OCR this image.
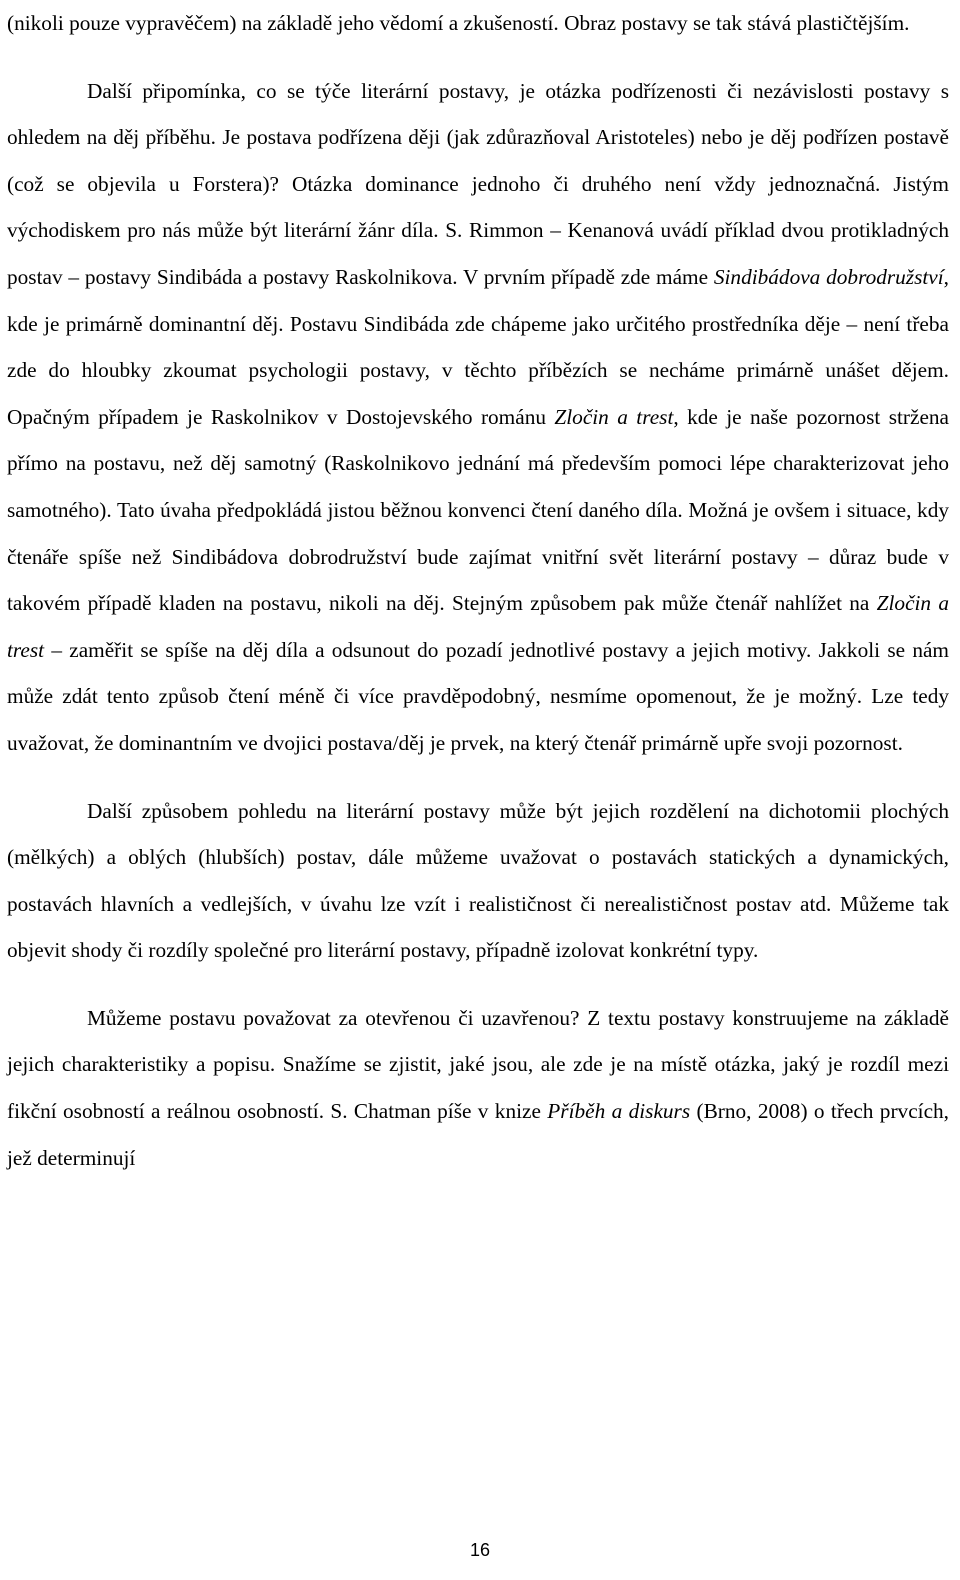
(nikoli pouze vypravěčem) na základě jeho vědomí a zkušeností. Obraz postavy se tak stává plastičtějším.

Další připomínka, co se týče literární postavy, je otázka podřízenosti či nezávislosti postavy s ohledem na děj příběhu. Je postava podřízena ději (jak zdůrazňoval Aristoteles) nebo je děj podřízen postavě (což se objevila u Forstera)? Otázka dominance jednoho či druhého není vždy jednoznačná. Jistým východiskem pro nás může být literární žánr díla. S. Rimmon – Kenanová uvádí příklad dvou protikladných postav – postavy Sindibáda a postavy Raskolnikova. V prvním případě zde máme Sindibádova dobrodružství, kde je primárně dominantní děj. Postavu Sindibáda zde chápeme jako určitého prostředníka děje – není třeba zde do hloubky zkoumat psychologii postavy, v těchto příbězích se necháme primárně unášet dějem. Opačným případem je Raskolnikov v Dostojevského románu Zločin a trest, kde je naše pozornost stržena přímo na postavu, než děj samotný (Raskolnikovo jednání má především pomoci lépe charakterizovat jeho samotného). Tato úvaha předpokládá jistou běžnou konvenci čtení daného díla. Možná je ovšem i situace, kdy čtenáře spíše než Sindibádova dobrodružství bude zajímat vnitřní svět literární postavy – důraz bude v takovém případě kladen na postavu, nikoli na děj. Stejným způsobem pak může čtenář nahlížet na Zločin a trest – zaměřit se spíše na děj díla a odsunout do pozadí jednotlivé postavy a jejich motivy. Jakkoli se nám může zdát tento způsob čtení méně či více pravděpodobný, nesmíme opomenout, že je možný. Lze tedy uvažovat, že dominantním ve dvojici postava/děj je prvek, na který čtenář primárně upře svoji pozornost.

Další způsobem pohledu na literární postavy může být jejich rozdělení na dichotomii plochých (mělkých) a oblých (hlubších) postav, dále můžeme uvažovat o postavách statických a dynamických, postavách hlavních a vedlejších, v úvahu lze vzít i realističnost či nerealističnost postav atd. Můžeme tak objevit shody či rozdíly společné pro literární postavy, případně izolovat konkrétní typy.

Můžeme postavu považovat za otevřenou či uzavřenou? Z textu postavy konstruujeme na základě jejich charakteristiky a popisu. Snažíme se zjistit, jaké jsou, ale zde je na místě otázka, jaký je rozdíl mezi fikční osobností a reálnou osobností. S. Chatman píše v knize Příběh a diskurs (Brno, 2008) o třech prvcích, jež determinují

16
